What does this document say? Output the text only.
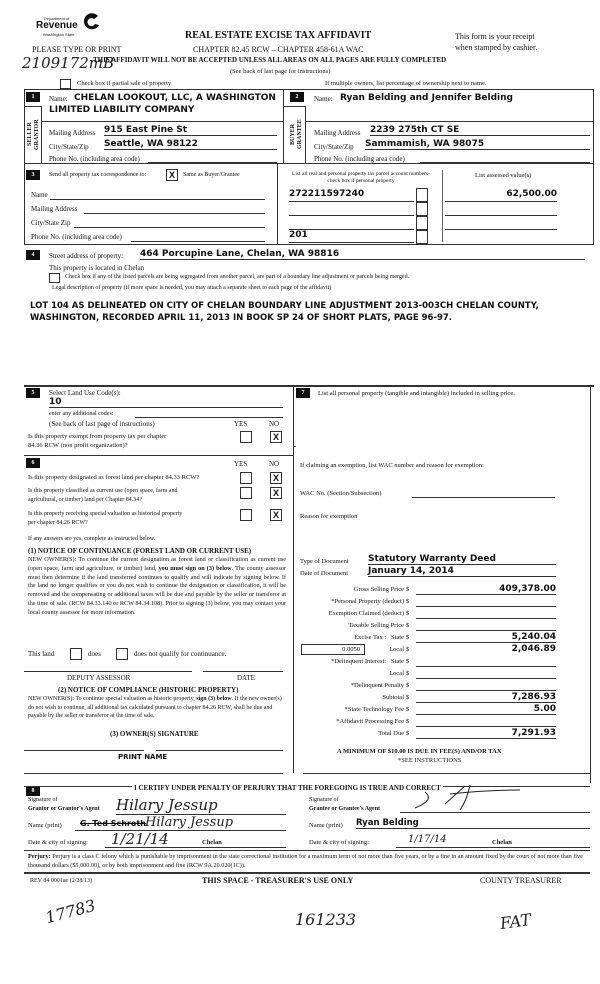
Department of
Revenue
Washington State	REAL ESTATE EXCISE TAX AFFIDAVIT
PLEASE TYPE OR PRINT	CHAPTER 82.45 RCW – CHAPTER 458-61A WAC
This form is your receipt
when stamped by cashier.
2109172mB
THIS AFFIDAVIT WILL NOT BE ACCEPTED UNLESS ALL AREAS ON ALL PAGES ARE FULLY COMPLETED
(See back of last page for instructions)
Check box if partial sale of property	If multiple owners, list percentage of ownership next to name.
1
SELLER GRANTOR
Name: CHELAN LOOKOUT, LLC, A WASHINGTON
LIMITED LIABILITY COMPANY
Mailing Address 915 East Pine St
City/State/Zip Seattle, WA 98122
Phone No. (including area code)
2
BUYER GRANTEE
Name: Ryan Belding and Jennifer Belding
Mailing Address 2239 275th CT SE
City/State/Zip Sammamish, WA 98075
Phone No. (including area code)
3	Send all property tax correspondence to:	X	Same as Buyer/Grantee
Name
Mailing Address
City/State Zip
Phone No. (including area code)
List all real and personal property tax parcel account numbers-check box if personal property
List assessed value(s)
272211597240
201
62,500.00
4	Street address of property: 464 Porcupine Lane, Chelan, WA 98816
This property is located in Chelan
Check box if any of the listed parcels are being segregated from another parcel, are part of a boundary line adjustment or parcels being merged.
Legal description of property (if more space is needed, you may attach a separate sheet to each page of the affidavit)
LOT 104 AS DELINEATED ON CITY OF CHELAN BOUNDARY LINE ADJUSTMENT 2013-003CH CHELAN COUNTY,
WASHINGTON, RECORDED APRIL 11, 2013 IN BOOK SP 24 OF SHORT PLATS, PAGE 96-97.
5	Select Land Use Code(s):
10
enter any additional codes:
(See back of last page of instructions)	YES	NO
Is this property exempt from property tax per chapter
84.36 RCW (non profit organization)?
X
6	YES	NO
Is this property designated as forest land per chapter 84.33 RCW?	X
Is this property classified as current use (open space, farm and
agricultural, or timber) land per Chapter 84.34?
X
Is this property receiving special valuation as historical property
per chapter 84.26 RCW?
X
If any answers are yes, complete as instructed below.
(1) NOTICE OF CONTINUANCE (FOREST LAND OR CURRENT USE)
NEW OWNER(S): To continue the current designation as forest land or classification as current use (open space, farm and agriculture, or timber) land, you must sign on (3) below. The county assessor must then determine if the land transferred continues to qualify and will indicate by signing below. If the land no longer qualifies or you do not wish to continue the designation or classification, it will be removed and the compensating or additional taxes will be due and payable by the seller or transferor at the time of sale. (RCW 84.33.140 or RCW 84.34.108). Prior to signing (3) below, you may contact your local county assessor for more information.
This land	does	does not qualify for continuance.
DEPUTY ASSESSOR	DATE
(2) NOTICE OF COMPLIANCE (HISTORIC PROPERTY)
NEW OWNER(S): To continue special valuation as historic property, sign (3) below. If the new owner(s) do not wish to continue, all additional tax calculated pursuant to chapter 84.26 RCW, shall be due and payable by the seller or transferor at the time of sale.
(3) OWNER(S) SIGNATURE
PRINT NAME
7	List all personal property (tangible and intangible) included in selling price.
If claiming an exemption, list WAC number and reason for exemption:
WAC No. (Section/Subsection)
Reason for exemption
Type of Document Statutory Warranty Deed
Date of Document January 14, 2014
Gross Selling Price $	409,378.00
*Personal Property (deduct) $
Exemption Claimed (deduct) $
Taxable Selling Price $
Excise Tax :   State $	5,240.04
0.0050	Local $	2,046.89
*Delinquent Interest:   State $
Local $
*Delinquent Penalty $
Subtotal $	7,286.93
*State Technology Fee $	5.00
*Affidavit Processing Fee $
Total Due $	7,291.93
A MINIMUM OF $10.00 IS DUE IN FEE(S) AND/OR TAX
*SEE INSTRUCTIONS
8	I CERTIFY UNDER PENALTY OF PERJURY THAT THE FOREGOING IS TRUE AND CORRECT
Signature of
Grantor or Grantor's Agent Hilary Jessup
Name (print) G. Ted Schroth Hilary Jessup
Date & city of signing: 1/21/14	Chelan
Signature of
Grantee or Grantee's Agent
Name (print) Ryan Belding
Date & city of signing:	1/17/14	Chelan
Perjury: Perjury is a class C felony which is punishable by imprisonment in the state correctional institution for a maximum term of not more than five years, or by a fine in an amount fixed by the court of not more than five thousand dollars ($5,000.00), or by both imprisonment and fine (RCW 9A.20.020(1C)).
REV 84 0001ae (2/28/13)	THIS SPACE - TREASURER'S USE ONLY	COUNTY TREASURER
17783	161233	FAT
